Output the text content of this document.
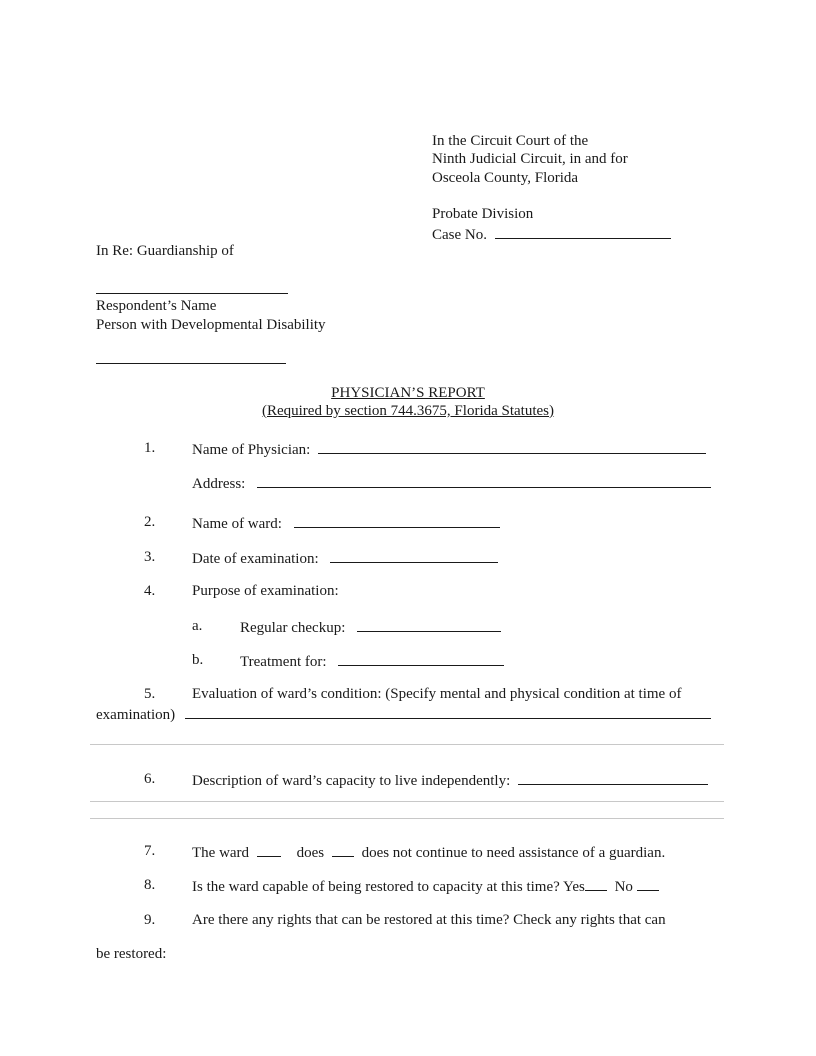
In the Circuit Court of the
Ninth Judicial Circuit, in and for
Osceola County, Florida
Probate Division
Case No.
In Re: Guardianship of
Respondent’s Name
Person with Developmental Disability
PHYSICIAN’S REPORT
(Required by section 744.3675, Florida Statutes)
1. Name of Physician:
Address:
2. Name of ward:
3. Date of examination:
4. Purpose of examination:
a.	Regular checkup:
b. Treatment for:
5. Evaluation of ward’s condition: (Specify mental and physical condition at time of
examination)
6. Description of ward’s capacity to live independently:
7. The ward	does	does not continue to need assistance of a guardian.
8. Is the ward capable of being restored to capacity at this time? Yes No
9. Are there any rights that can be restored at this time? Check any rights that can
be restored:
